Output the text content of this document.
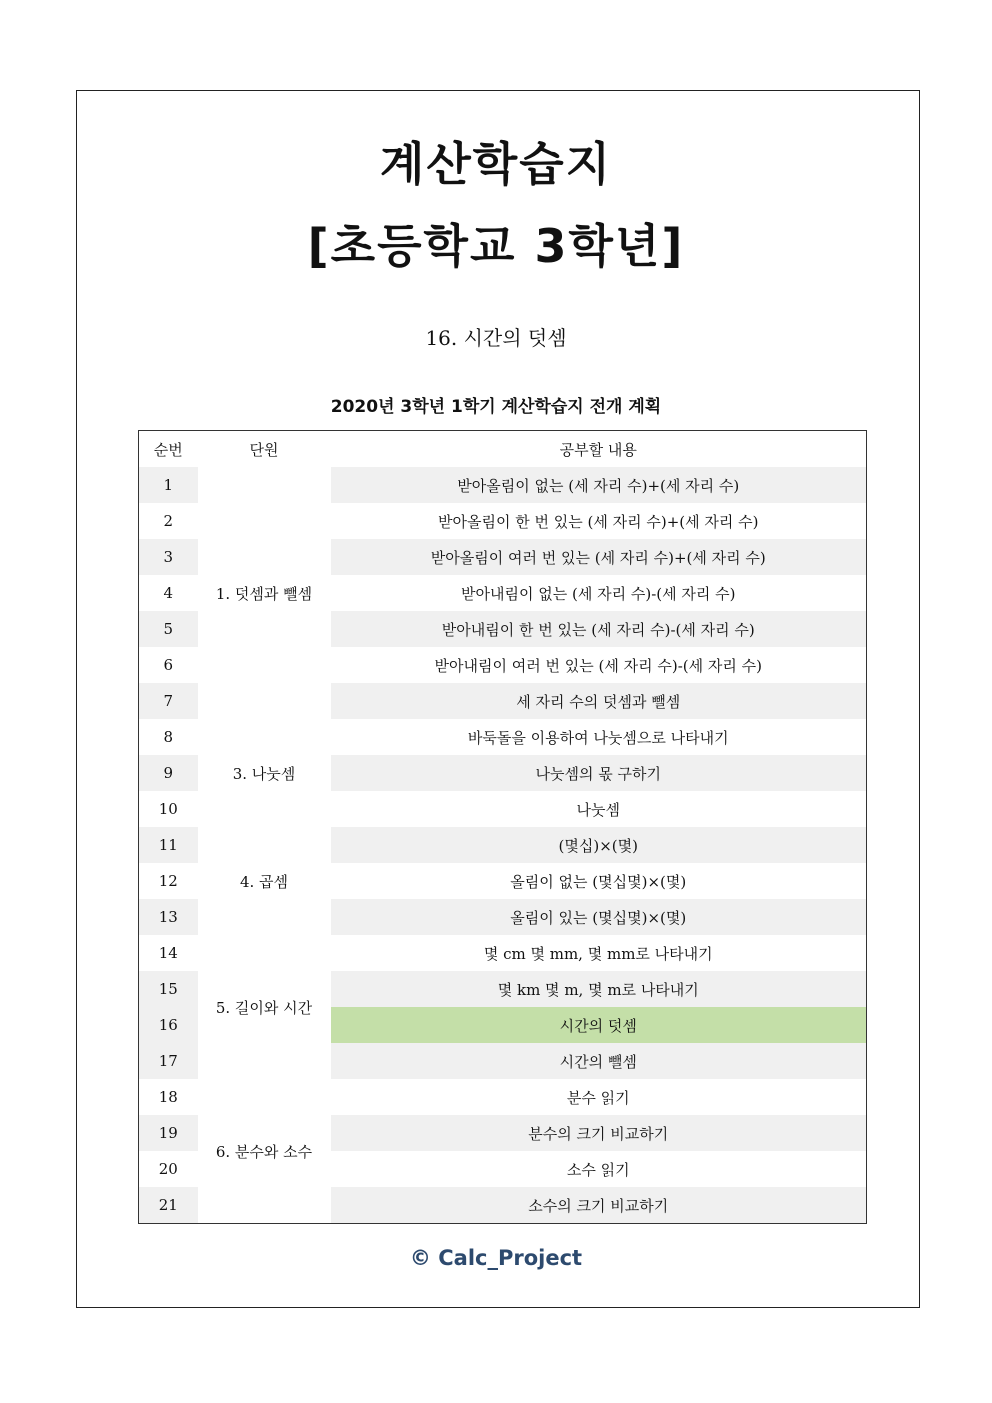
계산학습지
[초등학교 3학년]
16. 시간의 덧셈
2020년 3학년 1학기 계산학습지 전개 계획
순번	단원	공부할 내용
1	1. 덧셈과 뺄셈	받아올림이 없는 (세 자리 수)+(세 자리 수)
2		받아올림이 한 번 있는 (세 자리 수)+(세 자리 수)
3		받아올림이 여러 번 있는 (세 자리 수)+(세 자리 수)
4		받아내림이 없는 (세 자리 수)-(세 자리 수)
5		받아내림이 한 번 있는 (세 자리 수)-(세 자리 수)
6		받아내림이 여러 번 있는 (세 자리 수)-(세 자리 수)
7		세 자리 수의 덧셈과 뺄셈
8	3. 나눗셈	바둑돌을 이용하여 나눗셈으로 나타내기
9		나눗셈의 몫 구하기
10		나눗셈
11	4. 곱셈	(몇십)×(몇)
12		올림이 없는 (몇십몇)×(몇)
13		올림이 있는 (몇십몇)×(몇)
14	5. 길이와 시간	몇 cm 몇 mm, 몇 mm로 나타내기
15		몇 km 몇 m, 몇 m로 나타내기
16		시간의 덧셈
17		시간의 뺄셈
18	6. 분수와 소수	분수 읽기
19		분수의 크기 비교하기
20		소수 읽기
21		소수의 크기 비교하기
© Calc_Project
